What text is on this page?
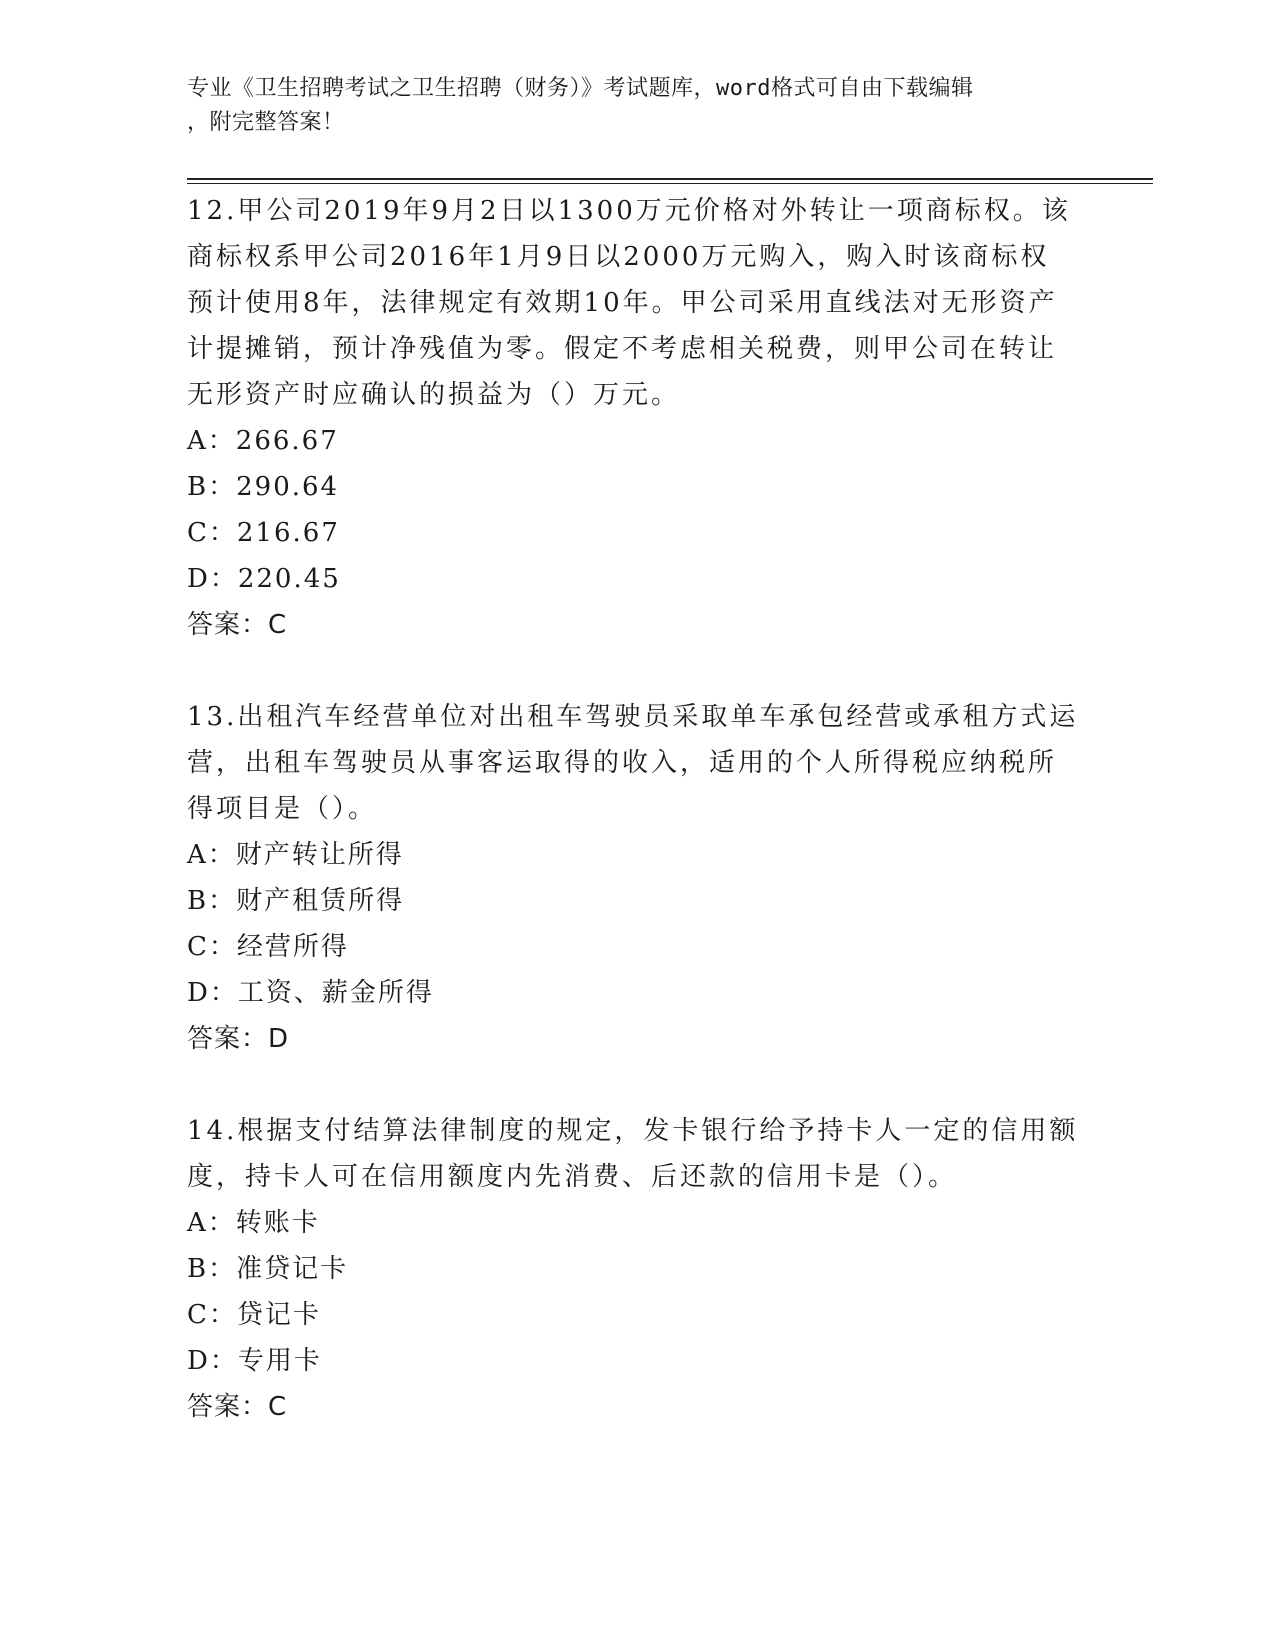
专业《卫生招聘考试之卫生招聘（财务）》考试题库，word格式可自由下载编辑
，附完整答案！
12.甲公司2019年9月2日以1300万元价格对外转让一项商标权。该
商标权系甲公司2016年1月9日以2000万元购入，购入时该商标权
预计使用8年，法律规定有效期10年。甲公司采用直线法对无形资产
计提摊销，预计净残值为零。假定不考虑相关税费，则甲公司在转让
无形资产时应确认的损益为（）万元。
A：266.67
B：290.64
C：216.67
D：220.45
答案：C
13.出租汽车经营单位对出租车驾驶员采取单车承包经营或承租方式运
营，出租车驾驶员从事客运取得的收入，适用的个人所得税应纳税所
得项目是（）。
A：财产转让所得
B：财产租赁所得
C：经营所得
D：工资、薪金所得
答案：D
14.根据支付结算法律制度的规定，发卡银行给予持卡人一定的信用额
度，持卡人可在信用额度内先消费、后还款的信用卡是（）。
A：转账卡
B：准贷记卡
C：贷记卡
D：专用卡
答案：C
